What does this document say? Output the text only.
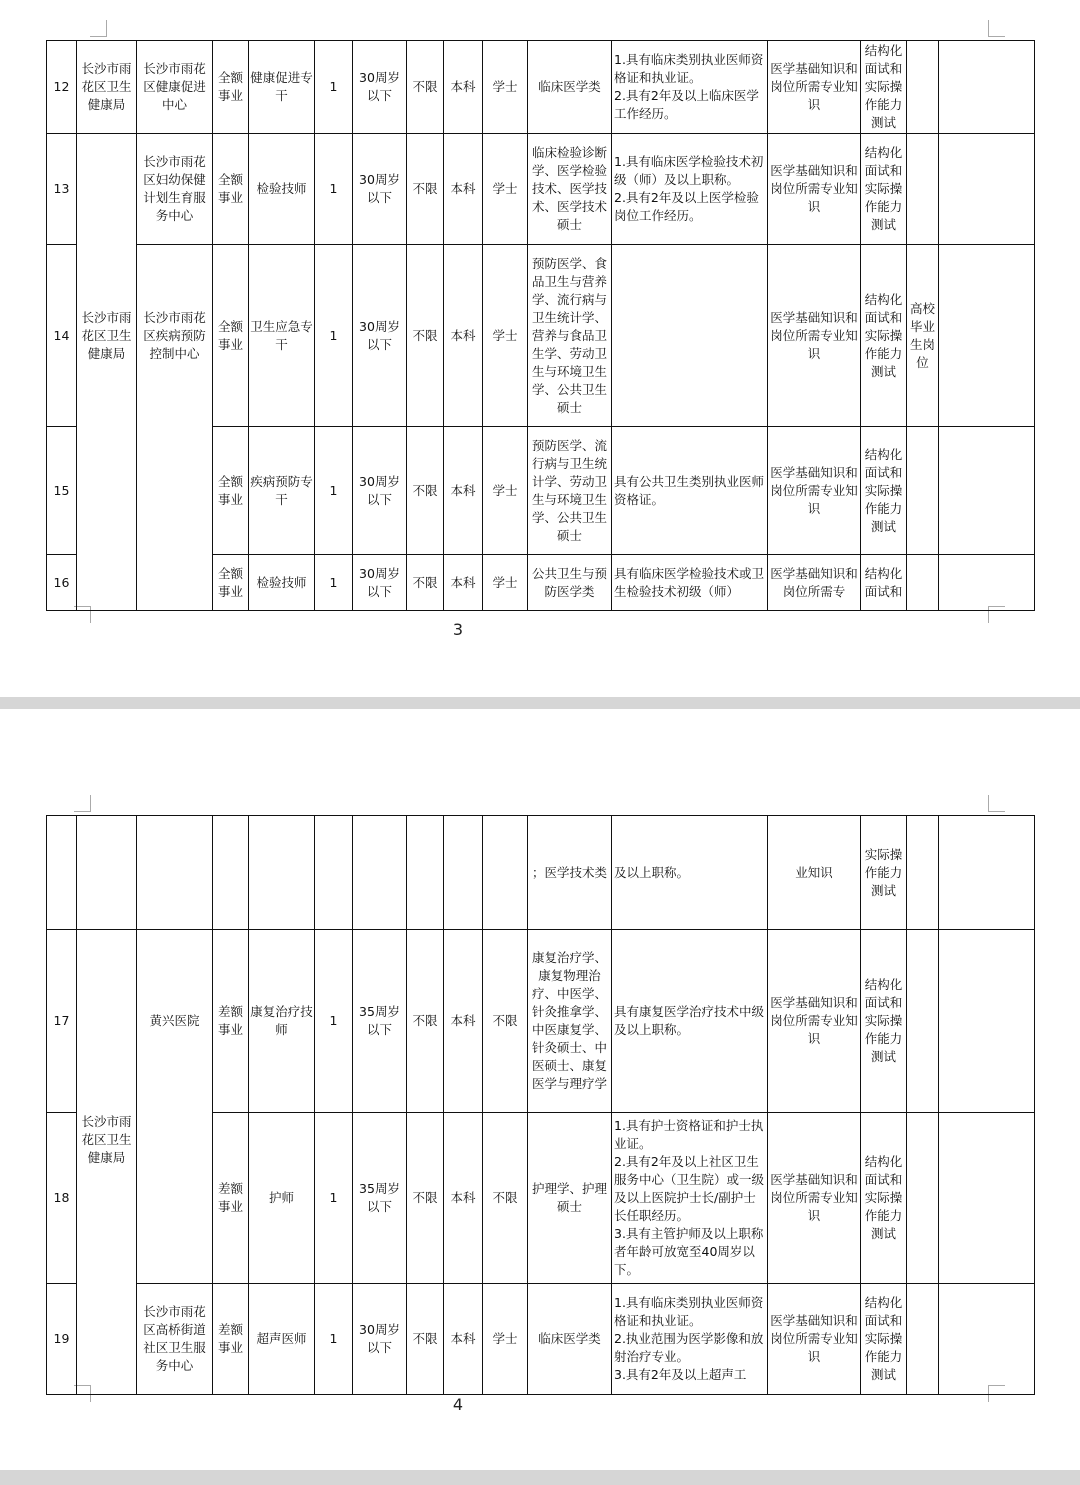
12	长沙市雨花区卫生健康局	长沙市雨花区健康促进中心	全额事业	健康促进专干	1	30周岁以下	不限	本科	学士	临床医学类	1.具有临床类别执业医师资格证和执业证。
2.具有2年及以上临床医学工作经历。	医学基础知识和岗位所需专业知识	结构化面试和实际操作能力测试		
13		长沙市雨花区妇幼保健计划生育服务中心	全额事业	检验技师	1	30周岁以下	不限	本科	学士	临床检验诊断学、医学检验技术、医学技术、医学技术硕士	1.具有临床医学检验技术初级（师）及以上职称。
2.具有2年及以上医学检验岗位工作经历。	医学基础知识和岗位所需专业知识	结构化面试和实际操作能力测试		
14	长沙市雨花区卫生健康局	长沙市雨花区疾病预防控制中心	全额事业	卫生应急专干	1	30周岁以下	不限	本科	学士	预防医学、食品卫生与营养学、流行病与卫生统计学、营养与食品卫生学、劳动卫生与环境卫生学、公共卫生硕士		医学基础知识和岗位所需专业知识	结构化面试和实际操作能力测试	高校毕业生岗位	
15			全额事业	疾病预防专干	1	30周岁以下	不限	本科	学士	预防医学、流行病与卫生统计学、劳动卫生与环境卫生学、公共卫生硕士	具有公共卫生类别执业医师资格证。	医学基础知识和岗位所需专业知识	结构化面试和实际操作能力测试		
16			全额事业	检验技师	1	30周岁以下	不限	本科	学士	公共卫生与预防医学类	具有临床医学检验技术或卫生检验技术初级（师）	医学基础知识和岗位所需专	结构化面试和		
3
										；医学技术类	及以上职称。	业知识	实际操作能力测试		
17		黄兴医院	差额事业	康复治疗技师	1	35周岁以下	不限	本科	不限	康复治疗学、康复物理治疗、中医学、针灸推拿学、中医康复学、针灸硕士、中医硕士、康复医学与理疗学	具有康复医学治疗技术中级及以上职称。	医学基础知识和岗位所需专业知识	结构化面试和实际操作能力测试		
18	长沙市雨花区卫生健康局		差额事业	护师	1	35周岁以下	不限	本科	不限	护理学、护理硕士	1.具有护士资格证和护士执业证。
2.具有2年及以上社区卫生服务中心（卫生院）或一级及以上医院护士长/副护士长任职经历。
3.具有主管护师及以上职称者年龄可放宽至40周岁以下。	医学基础知识和岗位所需专业知识	结构化面试和实际操作能力测试		
19		长沙市雨花区高桥街道社区卫生服务中心	差额事业	超声医师	1	30周岁以下	不限	本科	学士	临床医学类	1.具有临床类别执业医师资格证和执业证。
2.执业范围为医学影像和放射治疗专业。
3.具有2年及以上超声工	医学基础知识和岗位所需专业知识	结构化面试和实际操作能力测试		
4
